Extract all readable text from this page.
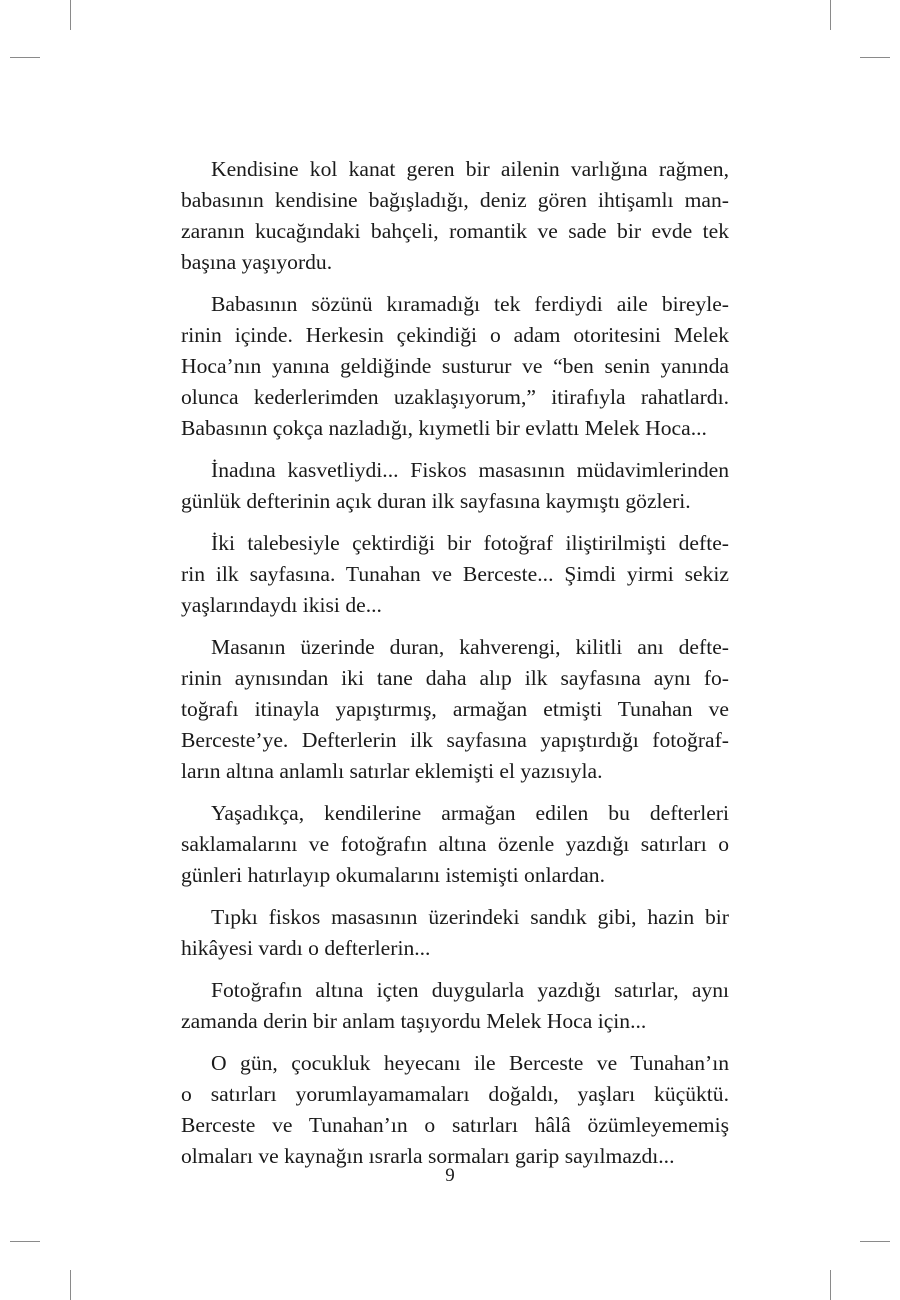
Kendisine kol kanat geren bir ailenin varlığına rağmen,
babasının kendisine bağışladığı, deniz gören ihtişamlı man-
zaranın kucağındaki bahçeli, romantik ve sade bir evde tek
başına yaşıyordu.
Babasının sözünü kıramadığı tek ferdiydi aile bireyle-
rinin içinde. Herkesin çekindiği o adam otoritesini Melek
Hoca’nın yanına geldiğinde susturur ve “ben senin yanında
olunca kederlerimden uzaklaşıyorum,” itirafıyla rahatlardı.
Babasının çokça nazladığı, kıymetli bir evlattı Melek Hoca...
İnadına kasvetliydi... Fiskos masasının müdavimlerinden
günlük defterinin açık duran ilk sayfasına kaymıştı gözleri.
İki talebesiyle çektirdiği bir fotoğraf iliştirilmişti defte-
rin ilk sayfasına. Tunahan ve Berceste... Şimdi yirmi sekiz
yaşlarındaydı ikisi de...
Masanın üzerinde duran, kahverengi, kilitli anı defte-
rinin aynısından iki tane daha alıp ilk sayfasına aynı fo-
toğrafı itinayla yapıştırmış, armağan etmişti Tunahan ve
Berceste’ye. Defterlerin ilk sayfasına yapıştırdığı fotoğraf-
ların altına anlamlı satırlar eklemişti el yazısıyla.
Yaşadıkça, kendilerine armağan edilen bu defterleri
saklamalarını ve fotoğrafın altına özenle yazdığı satırları o
günleri hatırlayıp okumalarını istemişti onlardan.
Tıpkı fiskos masasının üzerindeki sandık gibi, hazin bir
hikâyesi vardı o defterlerin...
Fotoğrafın altına içten duygularla yazdığı satırlar, aynı
zamanda derin bir anlam taşıyordu Melek Hoca için...
O gün, çocukluk heyecanı ile Berceste ve Tunahan’ın
o satırları yorumlayamamaları doğaldı, yaşları küçüktü.
Berceste ve Tunahan’ın o satırları hâlâ özümleyememiş
olmaları ve kaynağın ısrarla sormaları garip sayılmazdı...
9
